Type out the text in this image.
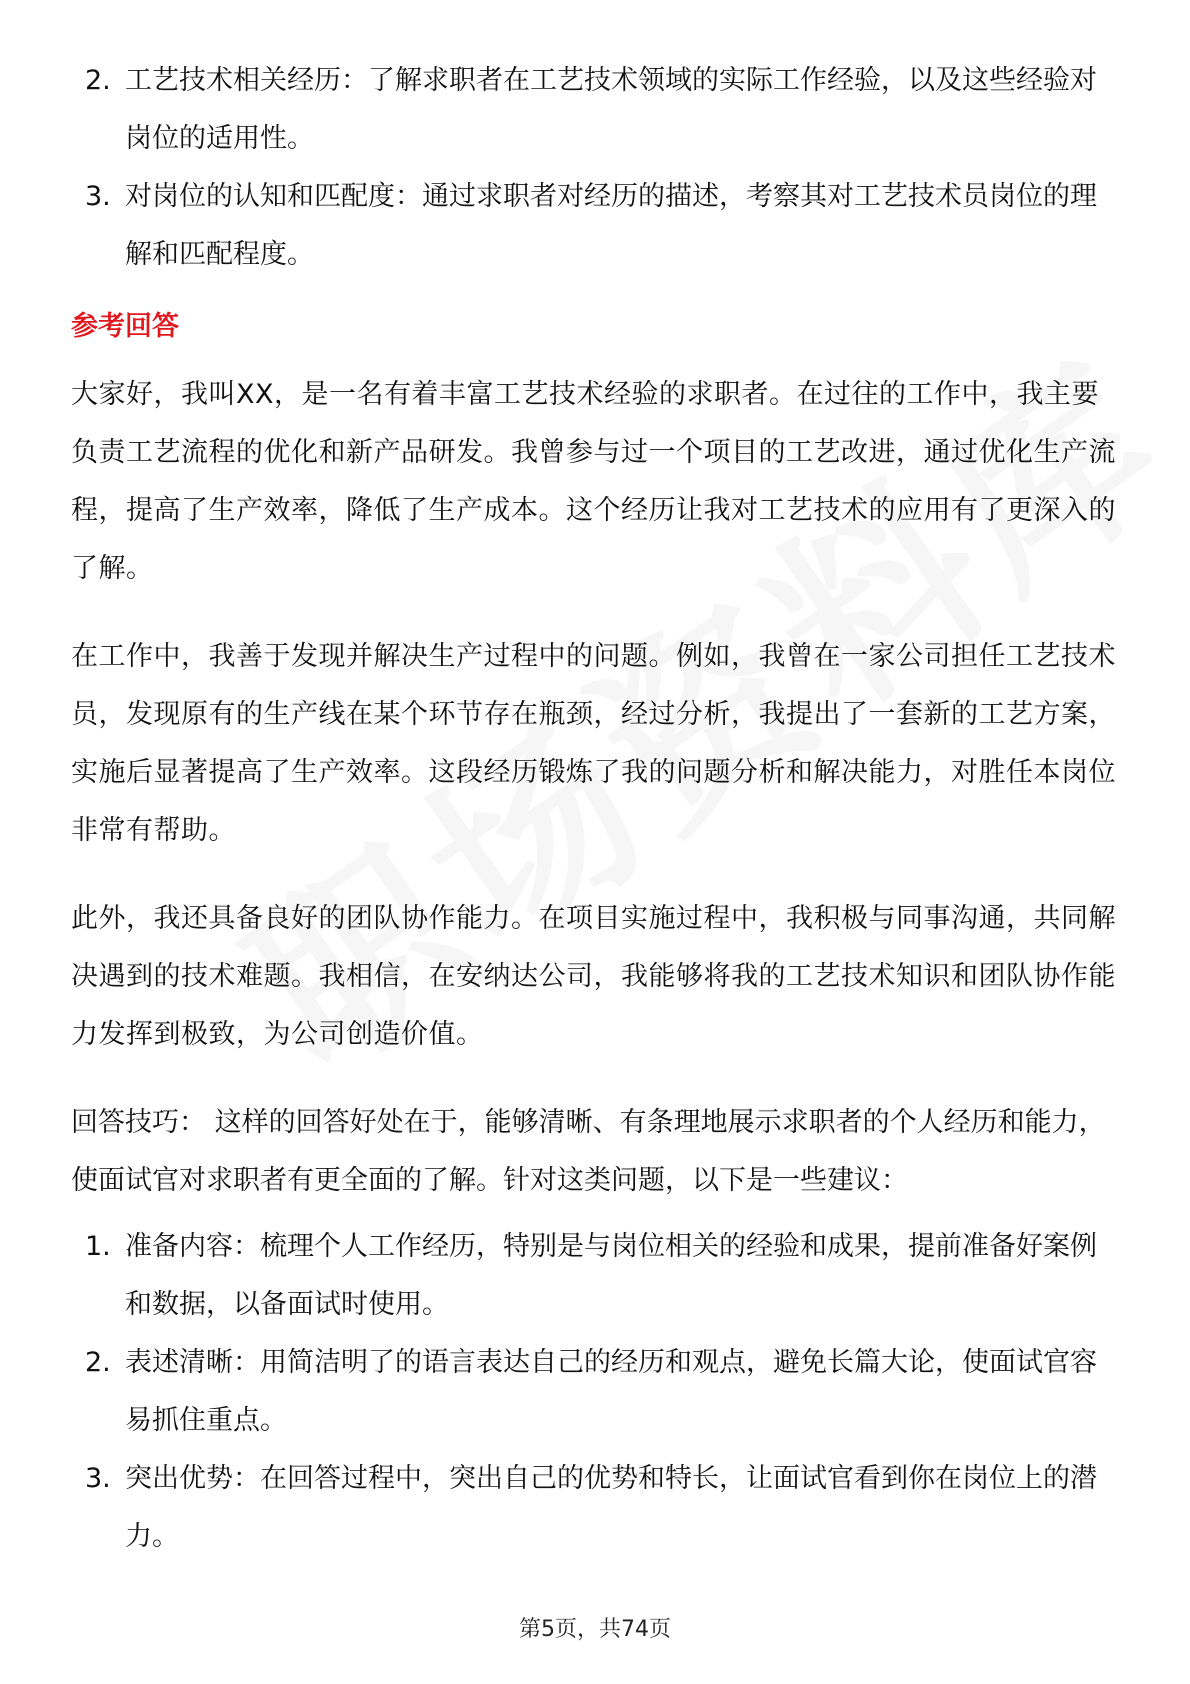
2. 工艺技术相关经历：了解求职者在工艺技术领域的实际工作经验，以及这些经验对岗位的适用性。
3. 对岗位的认知和匹配度：通过求职者对经历的描述，考察其对工艺技术员岗位的理解和匹配程度。
参考回答

大家好，我叫XX，是一名有着丰富工艺技术经验的求职者。在过往的工作中，我主要负责工艺流程的优化和新产品研发。我曾参与过一个项目的工艺改进，通过优化生产流程，提高了生产效率，降低了生产成本。这个经历让我对工艺技术的应用有了更深入的了解。

在工作中，我善于发现并解决生产过程中的问题。例如，我曾在一家公司担任工艺技术员，发现原有的生产线在某个环节存在瓶颈，经过分析，我提出了一套新的工艺方案，实施后显著提高了生产效率。这段经历锻炼了我的问题分析和解决能力，对胜任本岗位非常有帮助。

此外，我还具备良好的团队协作能力。在项目实施过程中，我积极与同事沟通，共同解决遇到的技术难题。我相信，在安纳达公司，我能够将我的工艺技术知识和团队协作能力发挥到极致，为公司创造价值。

回答技巧： 这样的回答好处在于，能够清晰、有条理地展示求职者的个人经历和能力，使面试官对求职者有更全面的了解。针对这类问题，以下是一些建议：

1. 准备内容：梳理个人工作经历，特别是与岗位相关的经验和成果，提前准备好案例和数据，以备面试时使用。
2. 表述清晰：用简洁明了的语言表达自己的经历和观点，避免长篇大论，使面试官容易抓住重点。
3. 突出优势：在回答过程中，突出自己的优势和特长，让面试官看到你在岗位上的潜力。
第5页，共74页
